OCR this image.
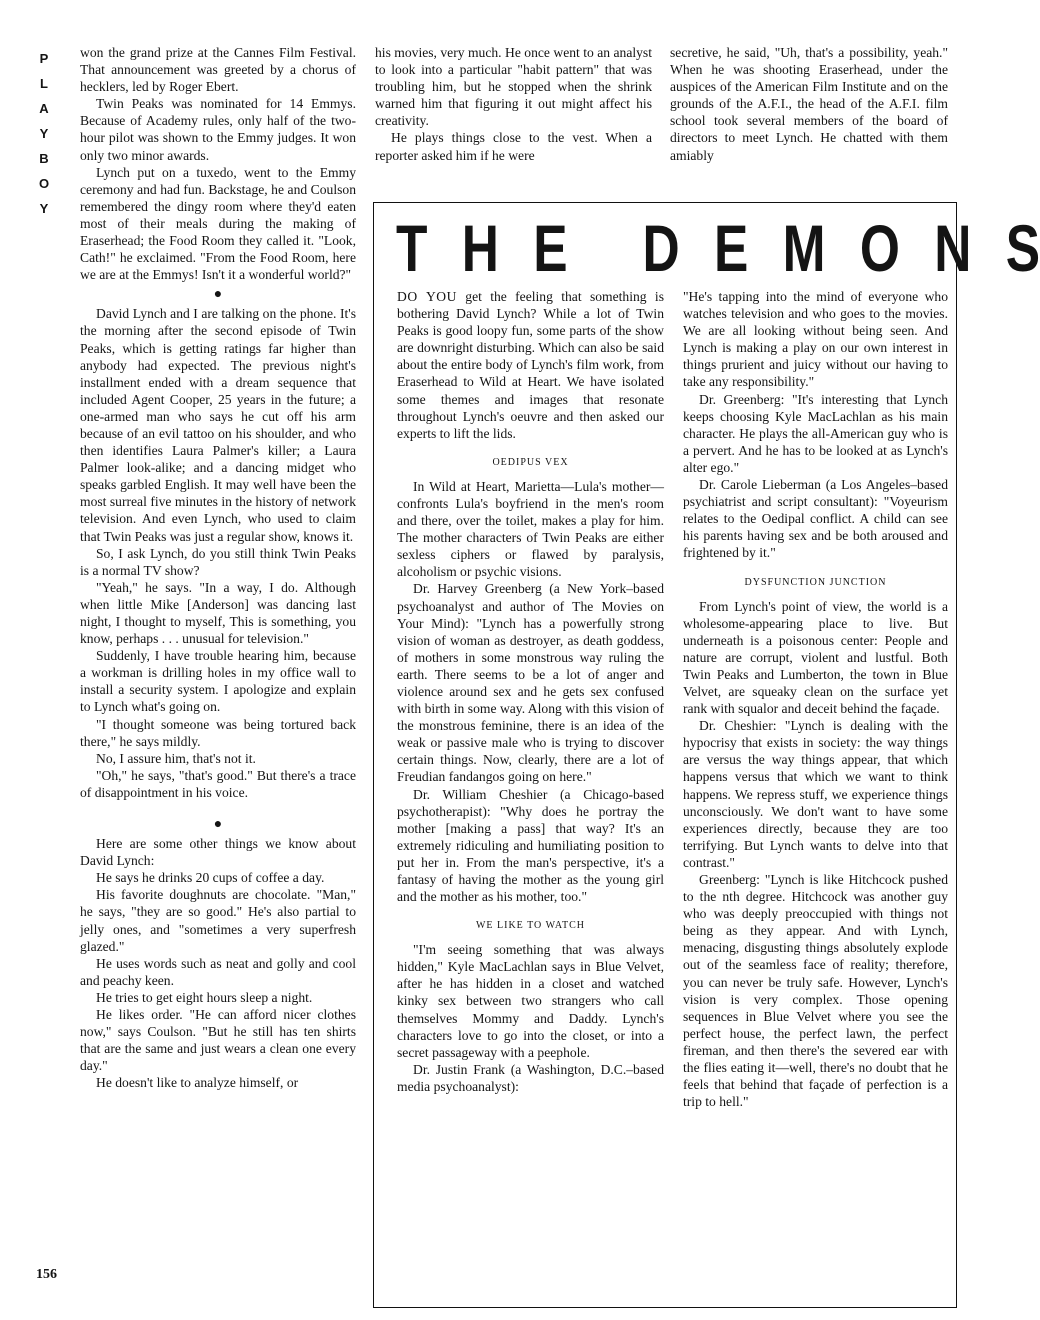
P
L
A
Y
B
O
Y

won the grand prize at the Cannes Film Festival. That announcement was greeted by a chorus of hecklers, led by Roger Ebert.

Twin Peaks was nominated for 14 Emmys. Because of Academy rules, only half of the two-hour pilot was shown to the Emmy judges. It won only two minor awards.

Lynch put on a tuxedo, went to the Emmy ceremony and had fun. Backstage, he and Coulson remembered the dingy room where they'd eaten most of their meals during the making of Eraserhead; the Food Room they called it. "Look, Cath!" he exclaimed. "From the Food Room, here we are at the Emmys! Isn't it a wonderful world?"

●

David Lynch and I are talking on the phone. It's the morning after the second episode of Twin Peaks, which is getting ratings far higher than anybody had expected. The previous night's installment ended with a dream sequence that included Agent Cooper, 25 years in the future; a one-armed man who says he cut off his arm because of an evil tattoo on his shoulder, and who then identifies Laura Palmer's killer; a Laura Palmer look-alike; and a dancing midget who speaks garbled English. It may well have been the most surreal five minutes in the history of network television. And even Lynch, who used to claim that Twin Peaks was just a regular show, knows it.

So, I ask Lynch, do you still think Twin Peaks is a normal TV show?

"Yeah," he says. "In a way, I do. Although when little Mike [Anderson] was dancing last night, I thought to myself, This is something, you know, perhaps . . . unusual for television."

Suddenly, I have trouble hearing him, because a workman is drilling holes in my office wall to install a security system. I apologize and explain to Lynch what's going on.

"I thought someone was being tortured back there," he says mildly.

No, I assure him, that's not it.

"Oh," he says, "that's good." But there's a trace of disappointment in his voice.

●

Here are some other things we know about David Lynch:

He says he drinks 20 cups of coffee a day.

His favorite doughnuts are chocolate. "Man," he says, "they are so good." He's also partial to jelly ones, and "sometimes a very superfresh glazed."

He uses words such as neat and golly and cool and peachy keen.

He tries to get eight hours sleep a night.

He likes order. "He can afford nicer clothes now," says Coulson. "But he still has ten shirts that are the same and just wears a clean one every day."

He doesn't like to analyze himself, or

his movies, very much. He once went to an analyst to look into a particular "habit pattern" that was troubling him, but he stopped when the shrink warned him that figuring it out might affect his creativity.

He plays things close to the vest. When a reporter asked him if he were

secretive, he said, "Uh, that's a possibility, yeah." When he was shooting Eraserhead, under the auspices of the American Film Institute and on the grounds of the A.F.I., the head of the A.F.I. film school took several members of the board of directors to meet Lynch. He chatted with them amiably

T H E D E M O N S

DO YOU get the feeling that something is bothering David Lynch? While a lot of Twin Peaks is good loopy fun, some parts of the show are downright disturbing. Which can also be said about the entire body of Lynch's film work, from Eraserhead to Wild at Heart. We have isolated some themes and images that resonate throughout Lynch's oeuvre and then asked our experts to lift the lids.

OEDIPUS VEX

In Wild at Heart, Marietta—Lula's mother—confronts Lula's boyfriend in the men's room and there, over the toilet, makes a play for him. The mother characters of Twin Peaks are either sexless ciphers or flawed by paralysis, alcoholism or psychic visions.

Dr. Harvey Greenberg (a New York–based psychoanalyst and author of The Movies on Your Mind): "Lynch has a powerfully strong vision of woman as destroyer, as death goddess, of mothers in some monstrous way ruling the earth. There seems to be a lot of anger and violence around sex and he gets sex confused with birth in some way. Along with this vision of the monstrous feminine, there is an idea of the weak or passive male who is trying to discover certain things. Now, clearly, there are a lot of Freudian fandangos going on here."

Dr. William Cheshier (a Chicago-based psychotherapist): "Why does he portray the mother [making a pass] that way? It's an extremely ridiculing and humiliating position to put her in. From the man's perspective, it's a fantasy of having the mother as the young girl and the mother as his mother, too."

WE LIKE TO WATCH

"I'm seeing something that was always hidden," Kyle MacLachlan says in Blue Velvet, after he has hidden in a closet and watched kinky sex between two strangers who call themselves Mommy and Daddy. Lynch's characters love to go into the closet, or into a secret passageway with a peephole.

Dr. Justin Frank (a Washington, D.C.–based media psychoanalyst):

"He's tapping into the mind of everyone who watches television and who goes to the movies. We are all looking without being seen. And Lynch is making a play on our own interest in things prurient and juicy without our having to take any responsibility."

Dr. Greenberg: "It's interesting that Lynch keeps choosing Kyle MacLachlan as his main character. He plays the all-American guy who is a pervert. And he has to be looked at as Lynch's alter ego."

Dr. Carole Lieberman (a Los Angeles–based psychiatrist and script consultant): "Voyeurism relates to the Oedipal conflict. A child can see his parents having sex and be both aroused and frightened by it."

DYSFUNCTION JUNCTION

From Lynch's point of view, the world is a wholesome-appearing place to live. But underneath is a poisonous center: People and nature are corrupt, violent and lustful. Both Twin Peaks and Lumberton, the town in Blue Velvet, are squeaky clean on the surface yet rank with squalor and deceit behind the façade.

Dr. Cheshier: "Lynch is dealing with the hypocrisy that exists in society: the way things are versus the way things appear, that which happens versus that which we want to think happens. We repress stuff, we experience things unconsciously. We don't want to have some experiences directly, because they are too terrifying. But Lynch wants to delve into that contrast."

Greenberg: "Lynch is like Hitchcock pushed to the nth degree. Hitchcock was another guy who was deeply preoccupied with things not being as they appear. And with Lynch, menacing, disgusting things absolutely explode out of the seamless face of reality; therefore, you can never be truly safe. However, Lynch's vision is very complex. Those opening sequences in Blue Velvet where you see the perfect house, the perfect lawn, the perfect fireman, and then there's the severed ear with the flies eating it—well, there's no doubt that he feels that behind that façade of perfection is a trip to hell."

156
